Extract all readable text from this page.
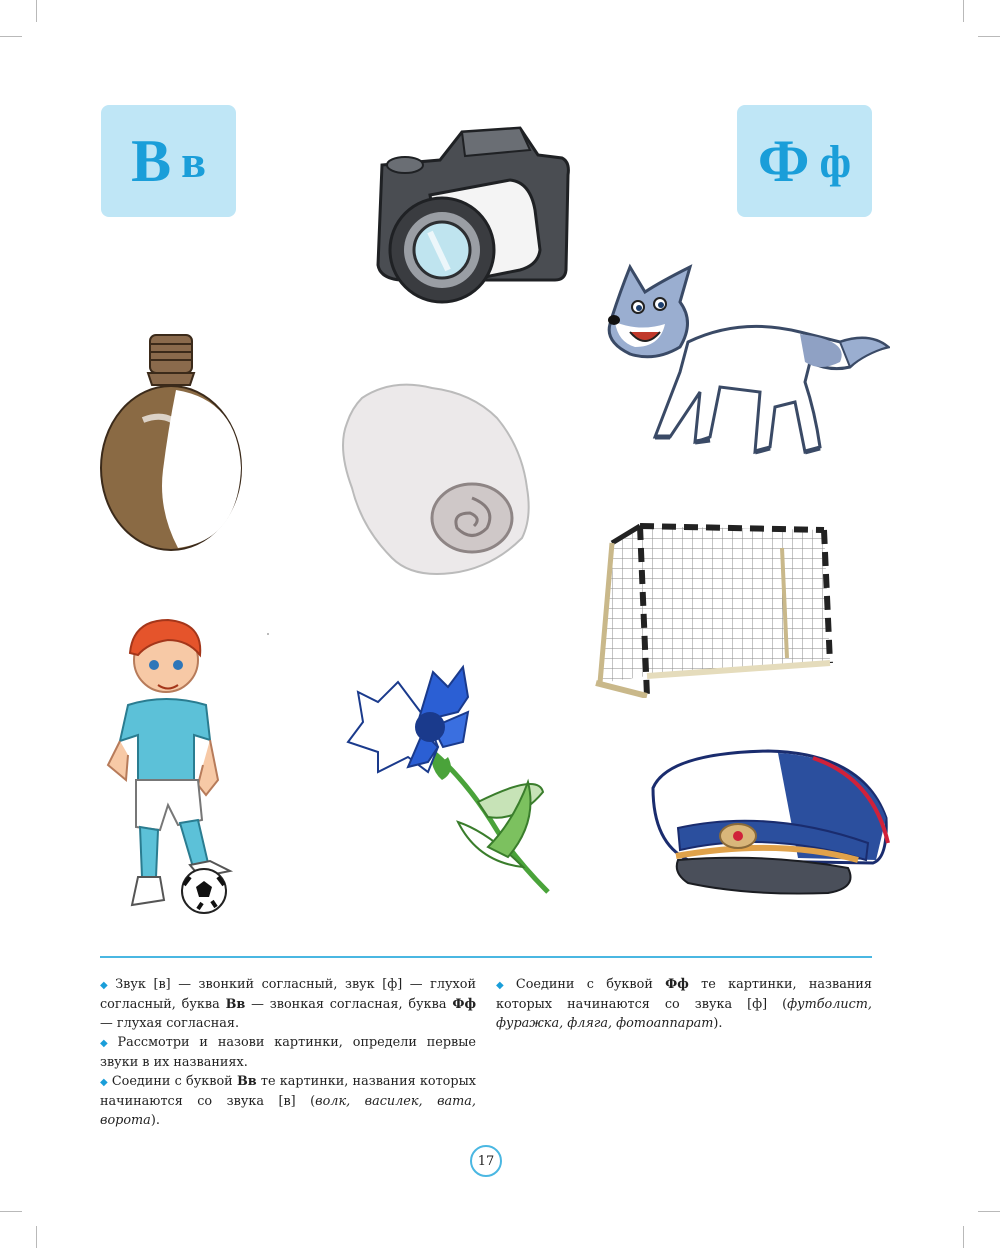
В в	Ф ф

◆ Звук [в] — звонкий согласный, звук [ф] — глухой согласный, буква Вв — звонкая согласная, буква Фф — глухая согласная.

◆ Рассмотри и назови картинки, определи первые звуки в их названиях.

◆ Соедини с буквой Вв те картинки, названия которых начинаются со звука [в] (волк, василек, вата, ворота).

◆ Соедини с буквой Фф те картинки, названия которых начинаются со звука [ф] (футболист, фуражка, фляга, фотоаппарат).

17
